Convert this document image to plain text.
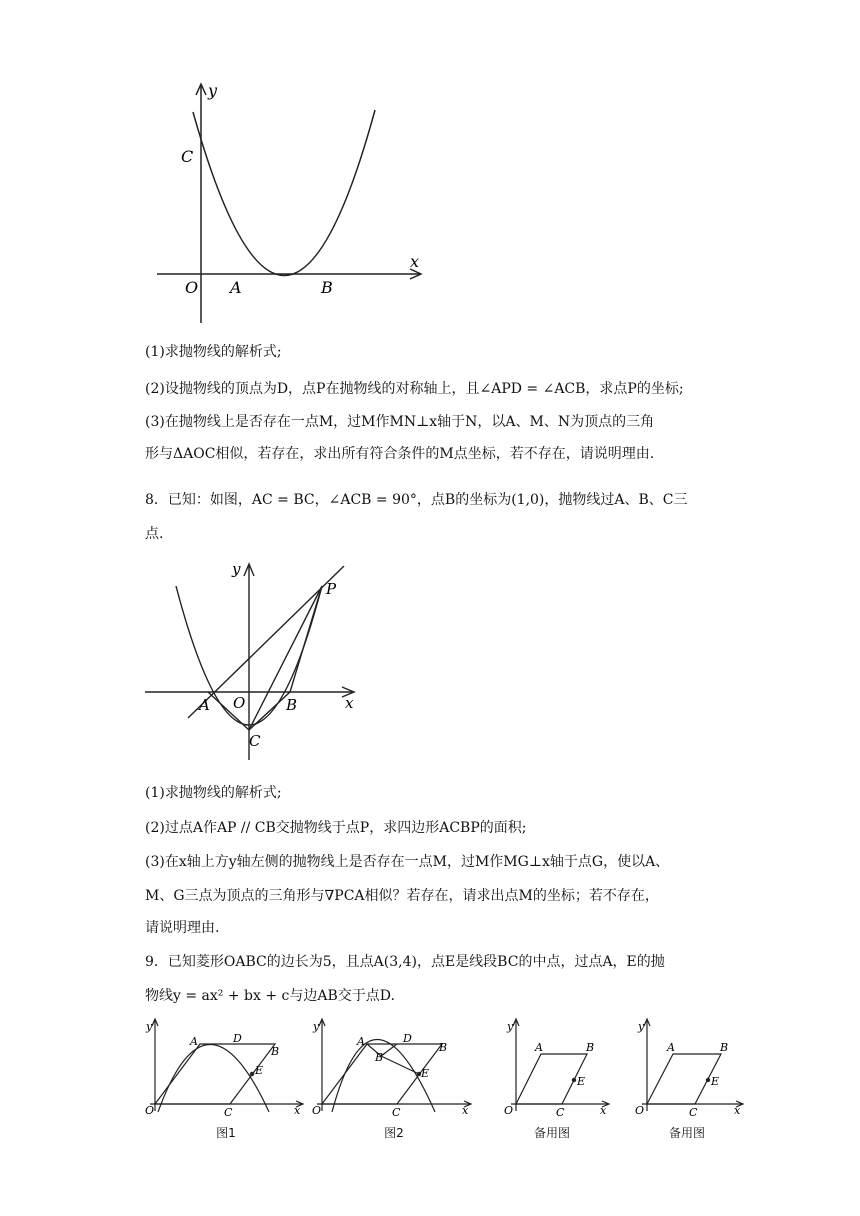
y
x
C
O A	B
(1)求抛物线的解析式;
(2)设抛物线的顶点为D，点P在抛物线的对称轴上，且∠APD = ∠ACB，求点P的坐标;
(3)在抛物线上是否存在一点M，过M作MN⊥x轴于N，以A、M、N为顶点的三角
形与ΔAOC相似，若存在，求出所有符合条件的M点坐标，若不存在，请说明理由.
8．已知：如图，AC = BC，∠ACB = 90°，点B的坐标为(1,0)，抛物线过A、B、C三
点.
y
P
A O	B	x
C
(1)求抛物线的解析式;
(2)过点A作AP // CB交抛物线于点P，求四边形ACBP的面积;
(3)在x轴上方y轴左侧的抛物线上是否存在一点M，过M作MG⊥x轴于点G，使以A、
M、G三点为顶点的三角形与∇PCA相似？若存在，请求出点M的坐标；若不存在，
请说明理由.
9．已知菱形OABC的边长为5，且点A(3,4)，点E是线段BC的中点，过点A，E的抛
物线y = ax² + bx + c与边AB交于点D.
y
x
O
A	D
B
E
C
图1
y
x
O
A	D
B
B′
E
C
图2
y
x
O
A	B
E
C
备用图
y
x
O
A	B
E
C
备用图
